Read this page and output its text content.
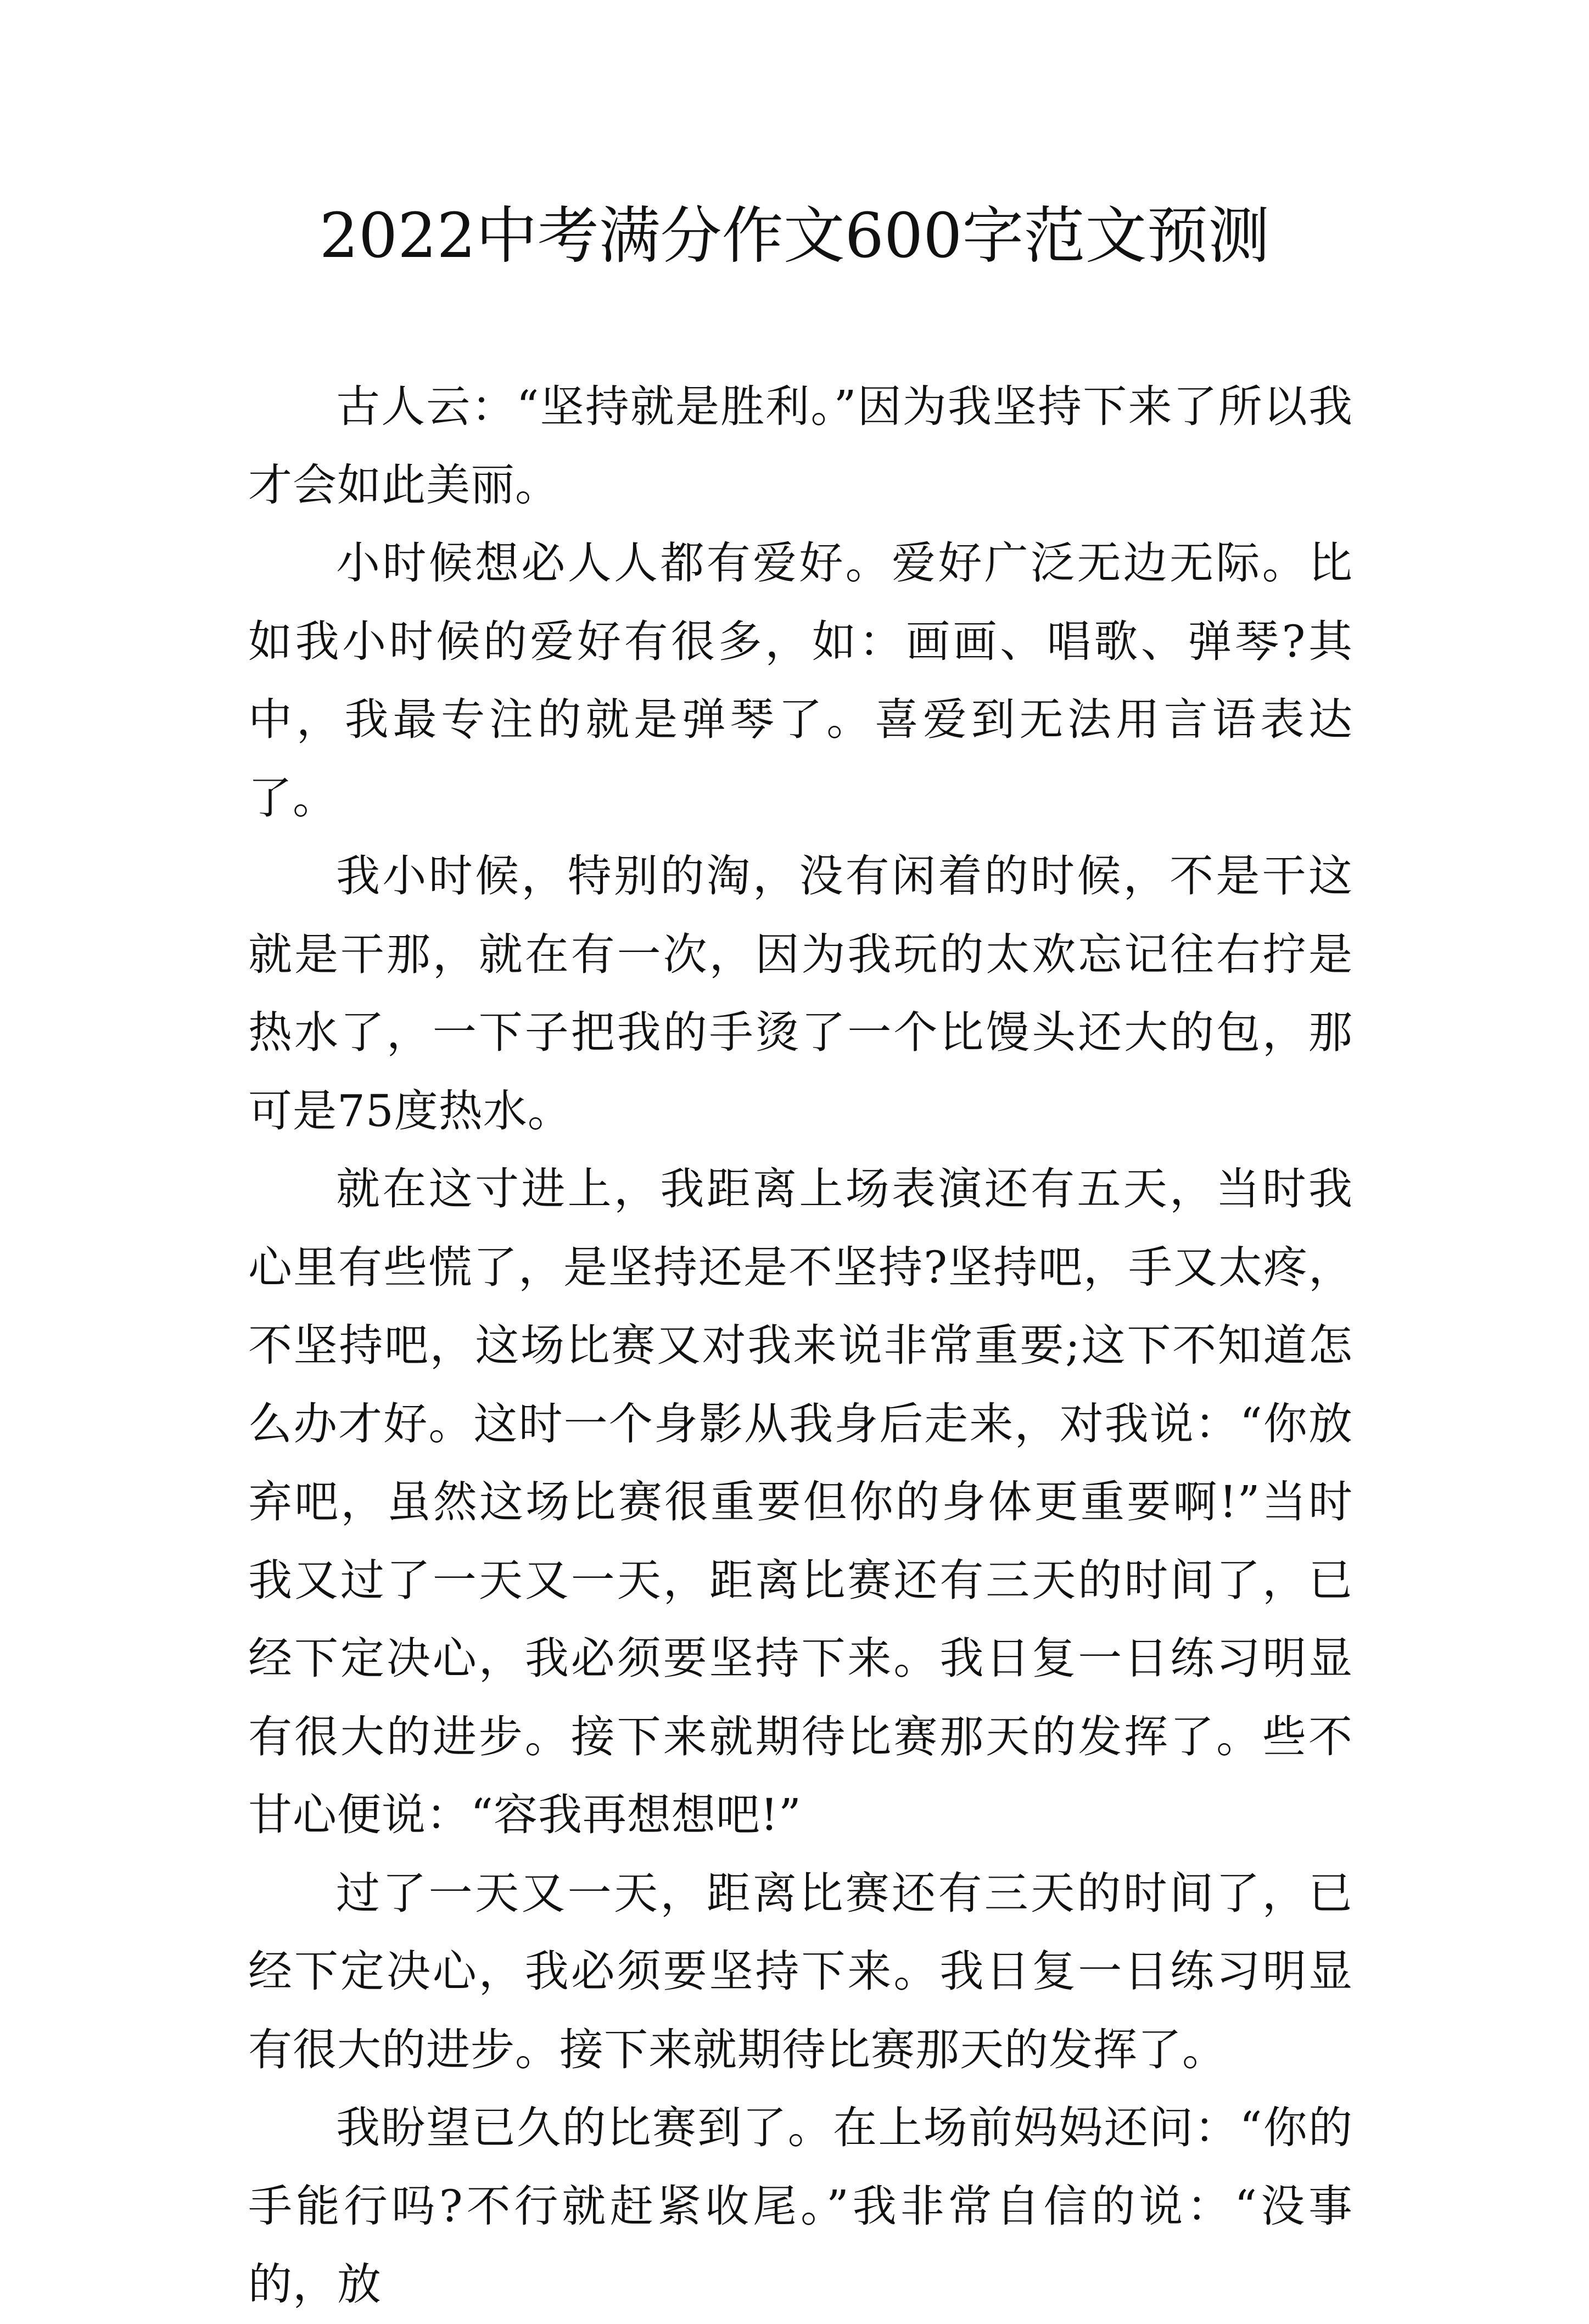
2022中考满分作文600字范文预测

古人云：“坚持就是胜利。”因为我坚持下来了所以我才会如此美丽。

小时候想必人人都有爱好。爱好广泛无边无际。比如我小时候的爱好有很多，如：画画、唱歌、弹琴?其中，我最专注的就是弹琴了。喜爱到无法用言语表达了。

我小时候，特别的淘，没有闲着的时候，不是干这就是干那，就在有一次，因为我玩的太欢忘记往右拧是热水了，一下子把我的手烫了一个比馒头还大的包，那可是75度热水。

就在这寸进上，我距离上场表演还有五天，当时我心里有些慌了，是坚持还是不坚持?坚持吧，手又太疼，不坚持吧，这场比赛又对我来说非常重要;这下不知道怎么办才好。这时一个身影从我身后走来，对我说：“你放弃吧，虽然这场比赛很重要但你的身体更重要啊!”当时我又过了一天又一天，距离比赛还有三天的时间了，已经下定决心，我必须要坚持下来。我日复一日练习明显有很大的进步。接下来就期待比赛那天的发挥了。些不甘心便说：“容我再想想吧!”

过了一天又一天，距离比赛还有三天的时间了，已经下定决心，我必须要坚持下来。我日复一日练习明显有很大的进步。接下来就期待比赛那天的发挥了。

我盼望已久的比赛到了。在上场前妈妈还问：“你的手能行吗?不行就赶紧收尾。”我非常自信的说：“没事的，放
